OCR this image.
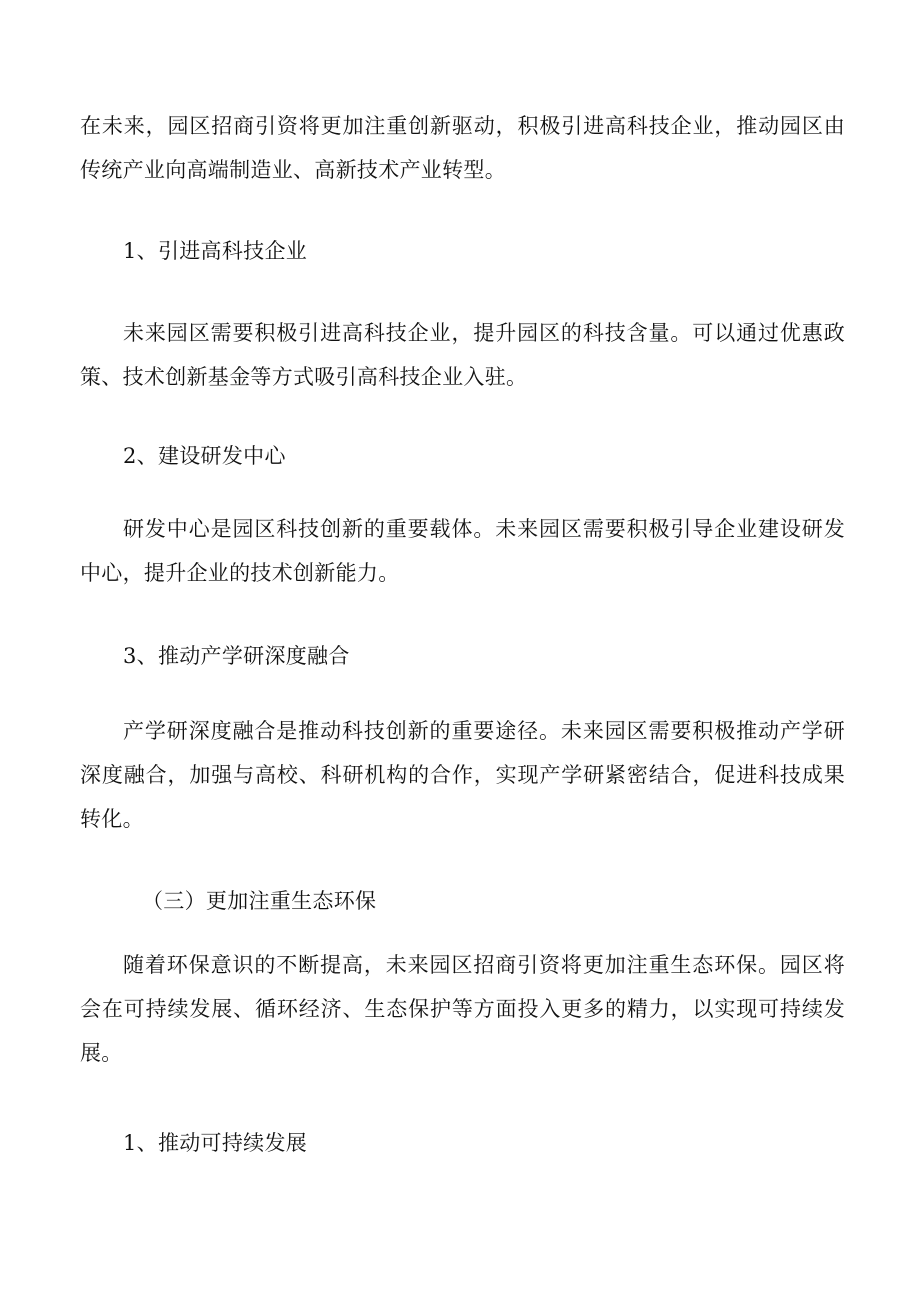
在未来，园区招商引资将更加注重创新驱动，积极引进高科技企业，推动园区由传统产业向高端制造业、高新技术产业转型。

1、引进高科技企业

未来园区需要积极引进高科技企业，提升园区的科技含量。可以通过优惠政策、技术创新基金等方式吸引高科技企业入驻。

2、建设研发中心

研发中心是园区科技创新的重要载体。未来园区需要积极引导企业建设研发中心，提升企业的技术创新能力。

3、推动产学研深度融合

产学研深度融合是推动科技创新的重要途径。未来园区需要积极推动产学研深度融合，加强与高校、科研机构的合作，实现产学研紧密结合，促进科技成果转化。

（三）更加注重生态环保

随着环保意识的不断提高，未来园区招商引资将更加注重生态环保。园区将会在可持续发展、循环经济、生态保护等方面投入更多的精力，以实现可持续发展。

1、推动可持续发展
